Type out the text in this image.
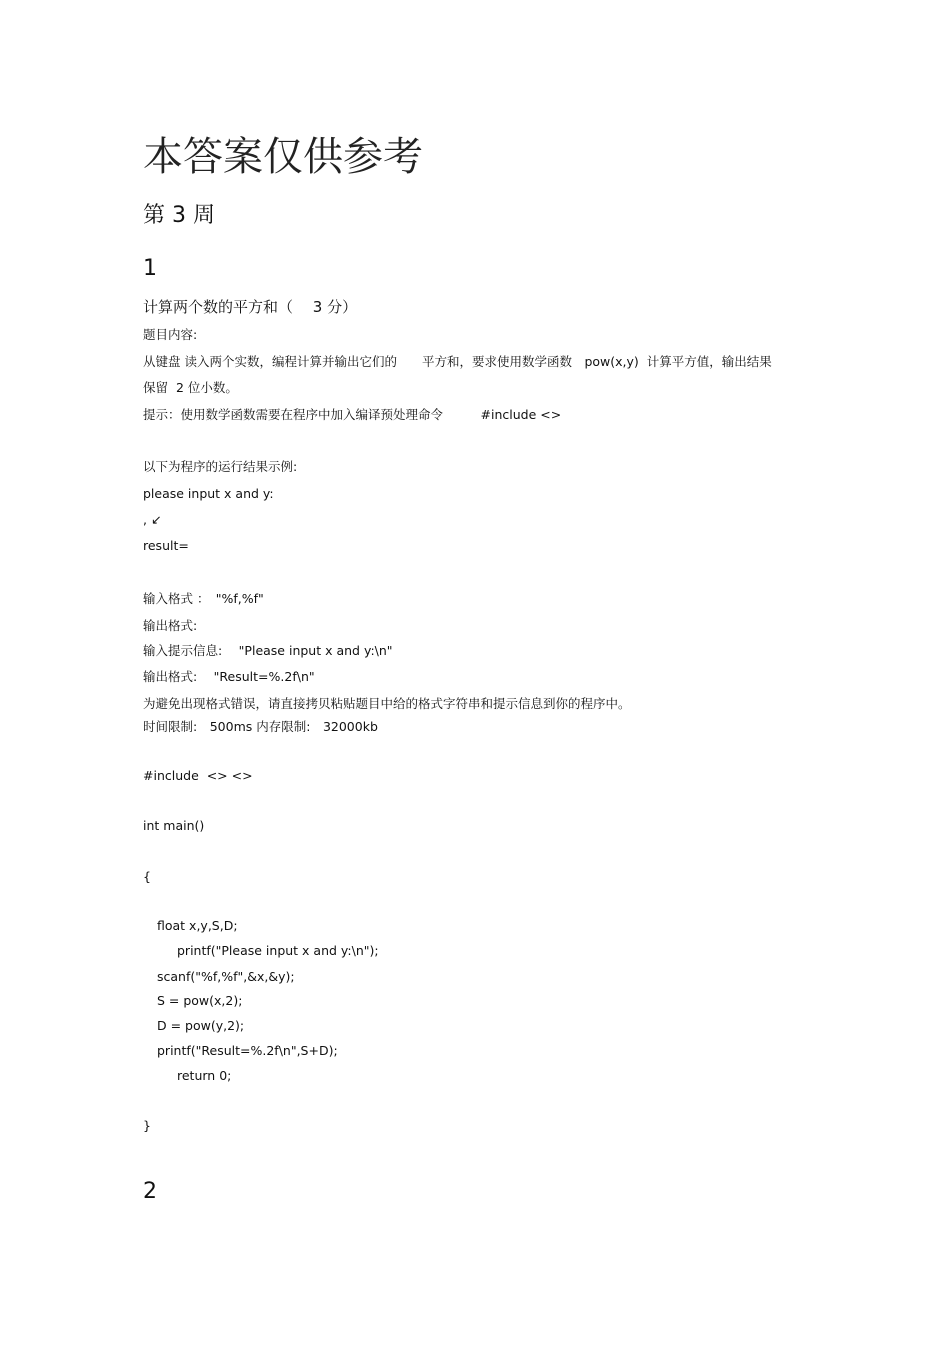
本答案仅供参考
第 3 周
1
计算两个数的平方和（　 3 分）
题目内容:
从键盘 读入两个实数，编程计算并输出它们的　　平方和，要求使用数学函数　pow(x,y)  计算平方值，输出结果
保留  2 位小数。
提示：使用数学函数需要在程序中加入编译预处理命令　　　#include <>
以下为程序的运行结果示例:
please input x and y:
, ↙
result=
输入格式 ：　"%f,%f"
输出格式:
输入提示信息:　 "Please input x and y:\n"
输出格式:　 "Result=%.2f\n"
为避免出现格式错误，请直接拷贝粘贴题目中给的格式字符串和提示信息到你的程序中。
时间限制:　500ms 内存限制:　32000kb
#include  <> <>
int main()
{
float x,y,S,D;
printf("Please input x and y:\n");
scanf("%f,%f",&x,&y);
S = pow(x,2);
D = pow(y,2);
printf("Result=%.2f\n",S+D);
return 0;
}
2
